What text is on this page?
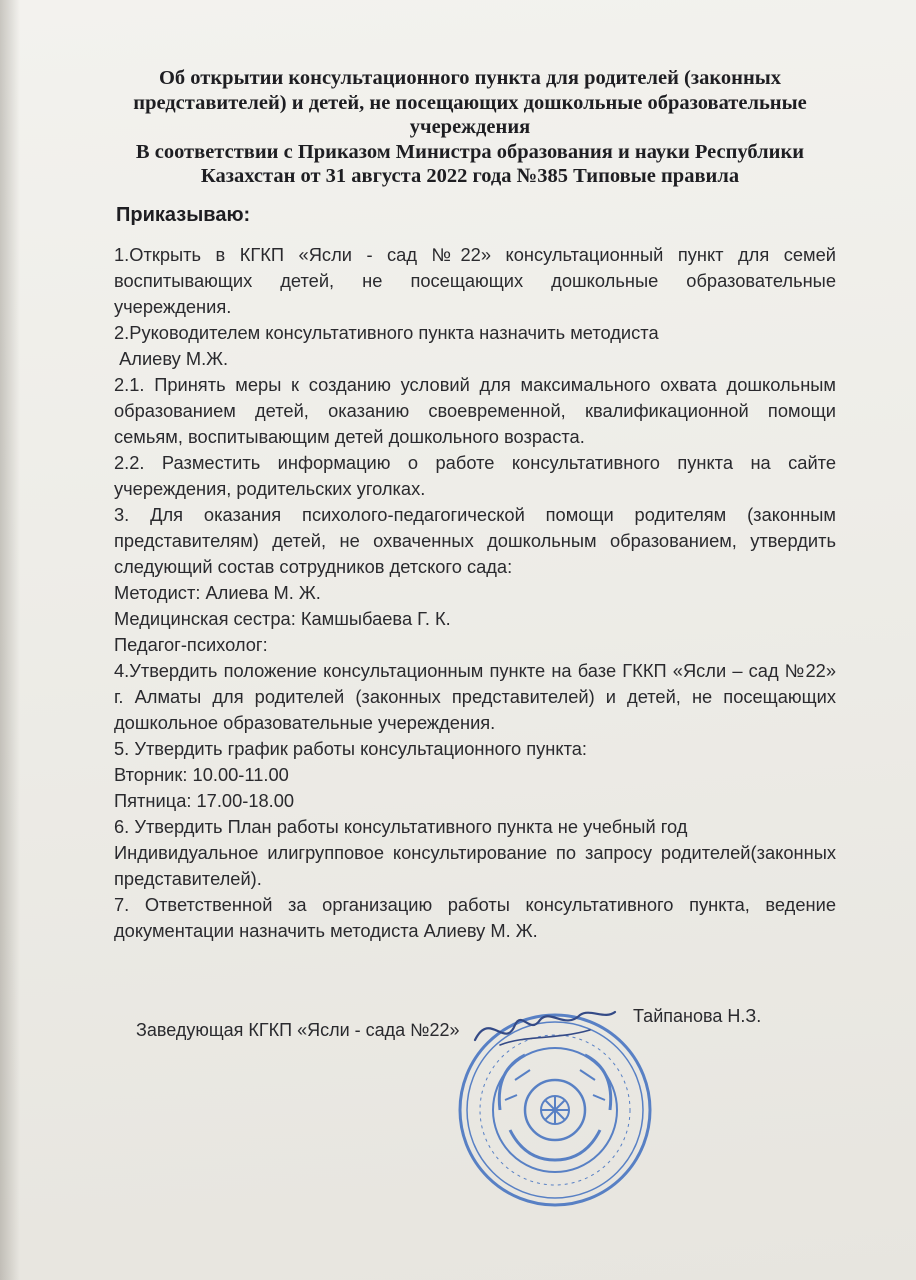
Об открытии консультационного пункта для родителей (законных
представителей) и детей, не посещающих дошкольные образовательные
учереждения
В соответствии с Приказом Министра образования и науки Республики
Казахстан от 31 августа 2022 года №385 Типовые правила
Приказываю:

1.Открыть в КГКП «Ясли - сад №22» консультационный пункт для семей воспитывающих детей, не посещающих дошкольные образовательные учереждения.

2.Руководителем консультативного пункта назначить методиста

Алиеву М.Ж.

2.1. Принять меры к созданию условий для максимального охвата дошкольным образованием детей, оказанию своевременной, квалификационной помощи семьям, воспитывающим детей дошкольного возраста.

2.2. Разместить информацию о работе консультативного пункта на сайте учереждения, родительских уголках.

3. Для оказания психолого-педагогической помощи родителям (законным представителям) детей, не охваченных дошкольным образованием, утвердить следующий состав сотрудников детского сада:

Методист: Алиева М. Ж.

Медицинская сестра: Камшыбаева Г. К.

Педагог-психолог:

4.Утвердить положение консультационным пункте на базе ГККП «Ясли – сад №22» г. Алматы для родителей (законных представителей) и детей, не посещающих дошкольное образовательные учереждения.

5. Утвердить график работы консультационного пункта:

Вторник: 10.00-11.00

Пятница: 17.00-18.00

6. Утвердить План работы консультативного пункта не учебный год

Индивидуальное илигрупповое консультирование по запросу родителей(законных представителей).

7. Ответственной за организацию работы консультативного пункта, ведение документации назначить методиста Алиеву М. Ж.

Заведующая КГКП «Ясли - сада №22»
Тайпанова Н.З.
